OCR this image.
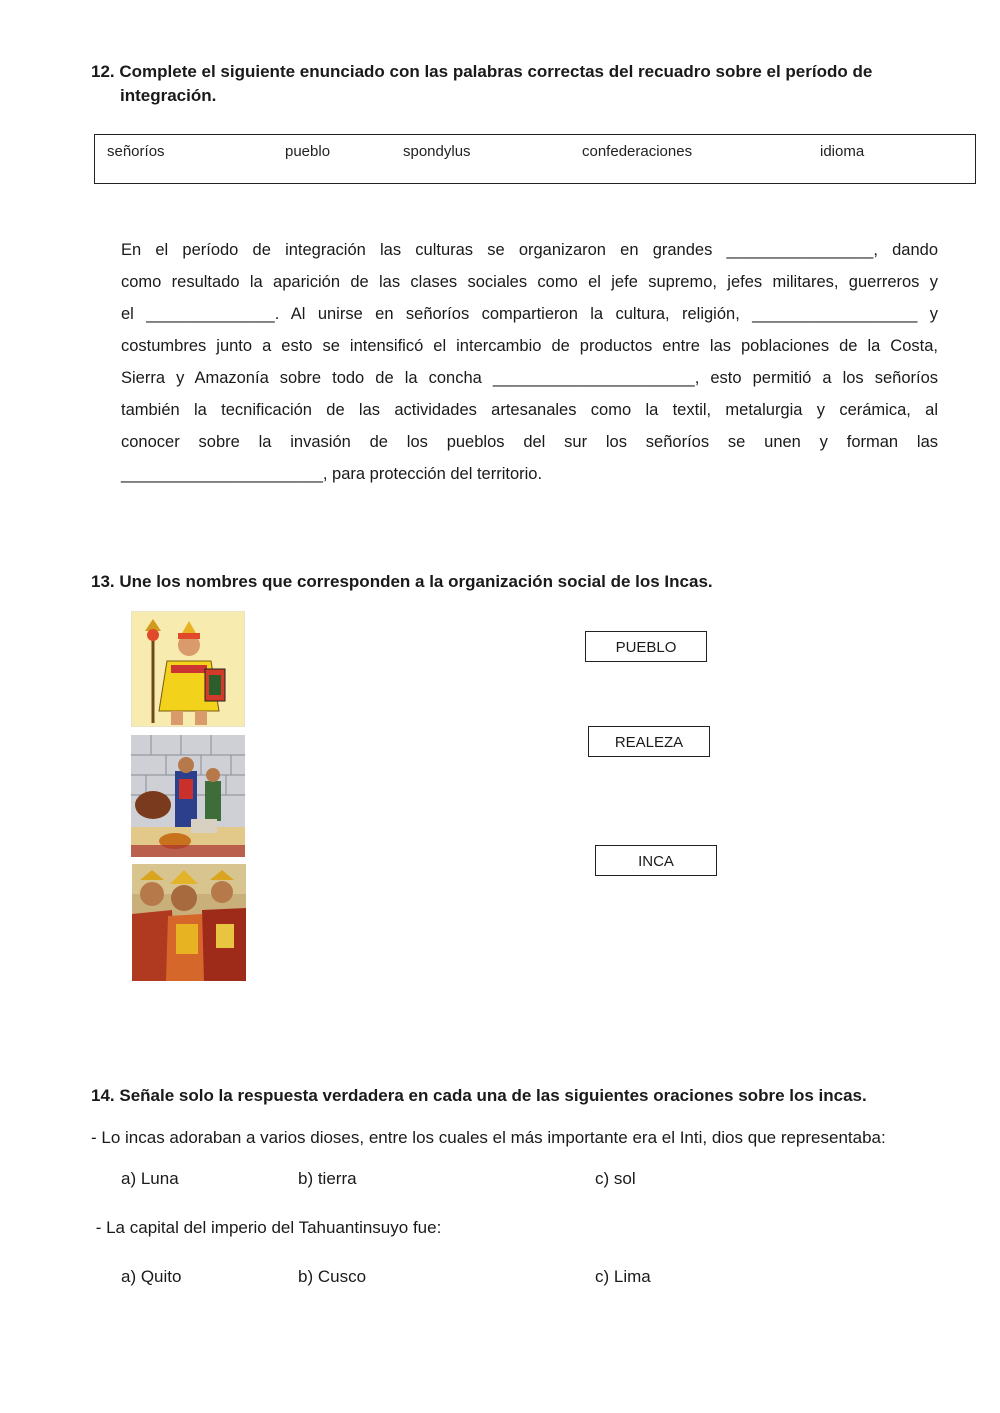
12. Complete el siguiente enunciado con las palabras correctas del recuadro sobre el período de
integración.
señoríos	pueblo	spondylus	confederaciones	idioma
En el período de integración las culturas se organizaron en grandes ________________, dando
como resultado la aparición de las clases sociales como el jefe supremo, jefes militares, guerreros y
el ______________. Al unirse en señoríos compartieron la cultura, religión, __________________ y
costumbres junto a esto se intensificó el intercambio de productos entre las poblaciones de la Costa,
Sierra y Amazonía sobre todo de la concha ______________________, esto permitió a los señoríos
también la tecnificación de las actividades artesanales como la textil, metalurgia y cerámica, al
conocer sobre la invasión de los pueblos del sur los señoríos se unen y forman las
______________________, para protección del territorio.
13. Une los nombres que corresponden a la organización social de los Incas.
PUEBLO
REALEZA
INCA
14. Señale solo la respuesta verdadera en cada una de las siguientes oraciones sobre los incas.
- Lo incas adoraban a varios dioses, entre los cuales el más importante era el Inti, dios que representaba:
a) Luna	b) tierra	c) sol
- La capital del imperio del Tahuantinsuyo fue:
a) Quito	b) Cusco	c) Lima
